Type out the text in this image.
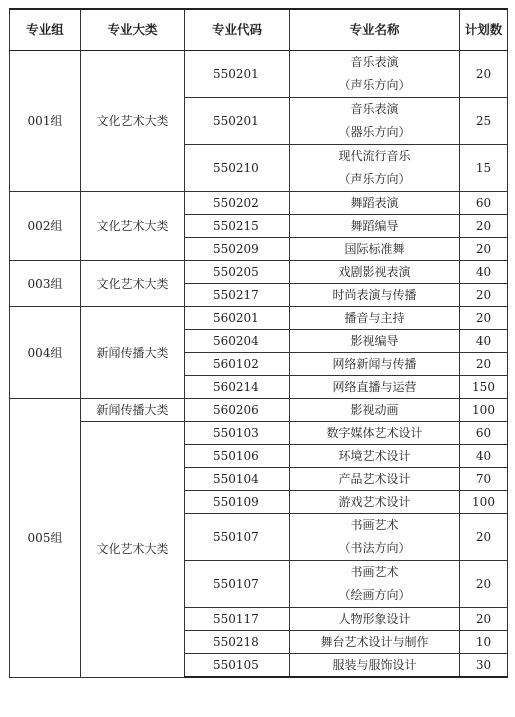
专业组	专业大类	专业代码	专业名称	计划数
001组	文化艺术大类	550201	音乐表演
（声乐方向）	20
		550201	音乐表演
（器乐方向）	25
		550210	现代流行音乐
（声乐方向）	15
002组	文化艺术大类	550202	舞蹈表演	60
		550215	舞蹈编导	20
		550209	国际标准舞	20
003组	文化艺术大类	550205	戏剧影视表演	40
		550217	时尚表演与传播	20
004组	新闻传播大类	560201	播音与主持	20
		560204	影视编导	40
		560102	网络新闻与传播	20
		560214	网络直播与运营	150
005组	新闻传播大类	560206	影视动画	100
	文化艺术大类	550103	数字媒体艺术设计	60
		550106	环境艺术设计	40
		550104	产品艺术设计	70
		550109	游戏艺术设计	100
		550107	书画艺术
（书法方向）	20
		550107	书画艺术
（绘画方向）	20
		550117	人物形象设计	20
		550218	舞台艺术设计与制作	10
		550105	服装与服饰设计	30
